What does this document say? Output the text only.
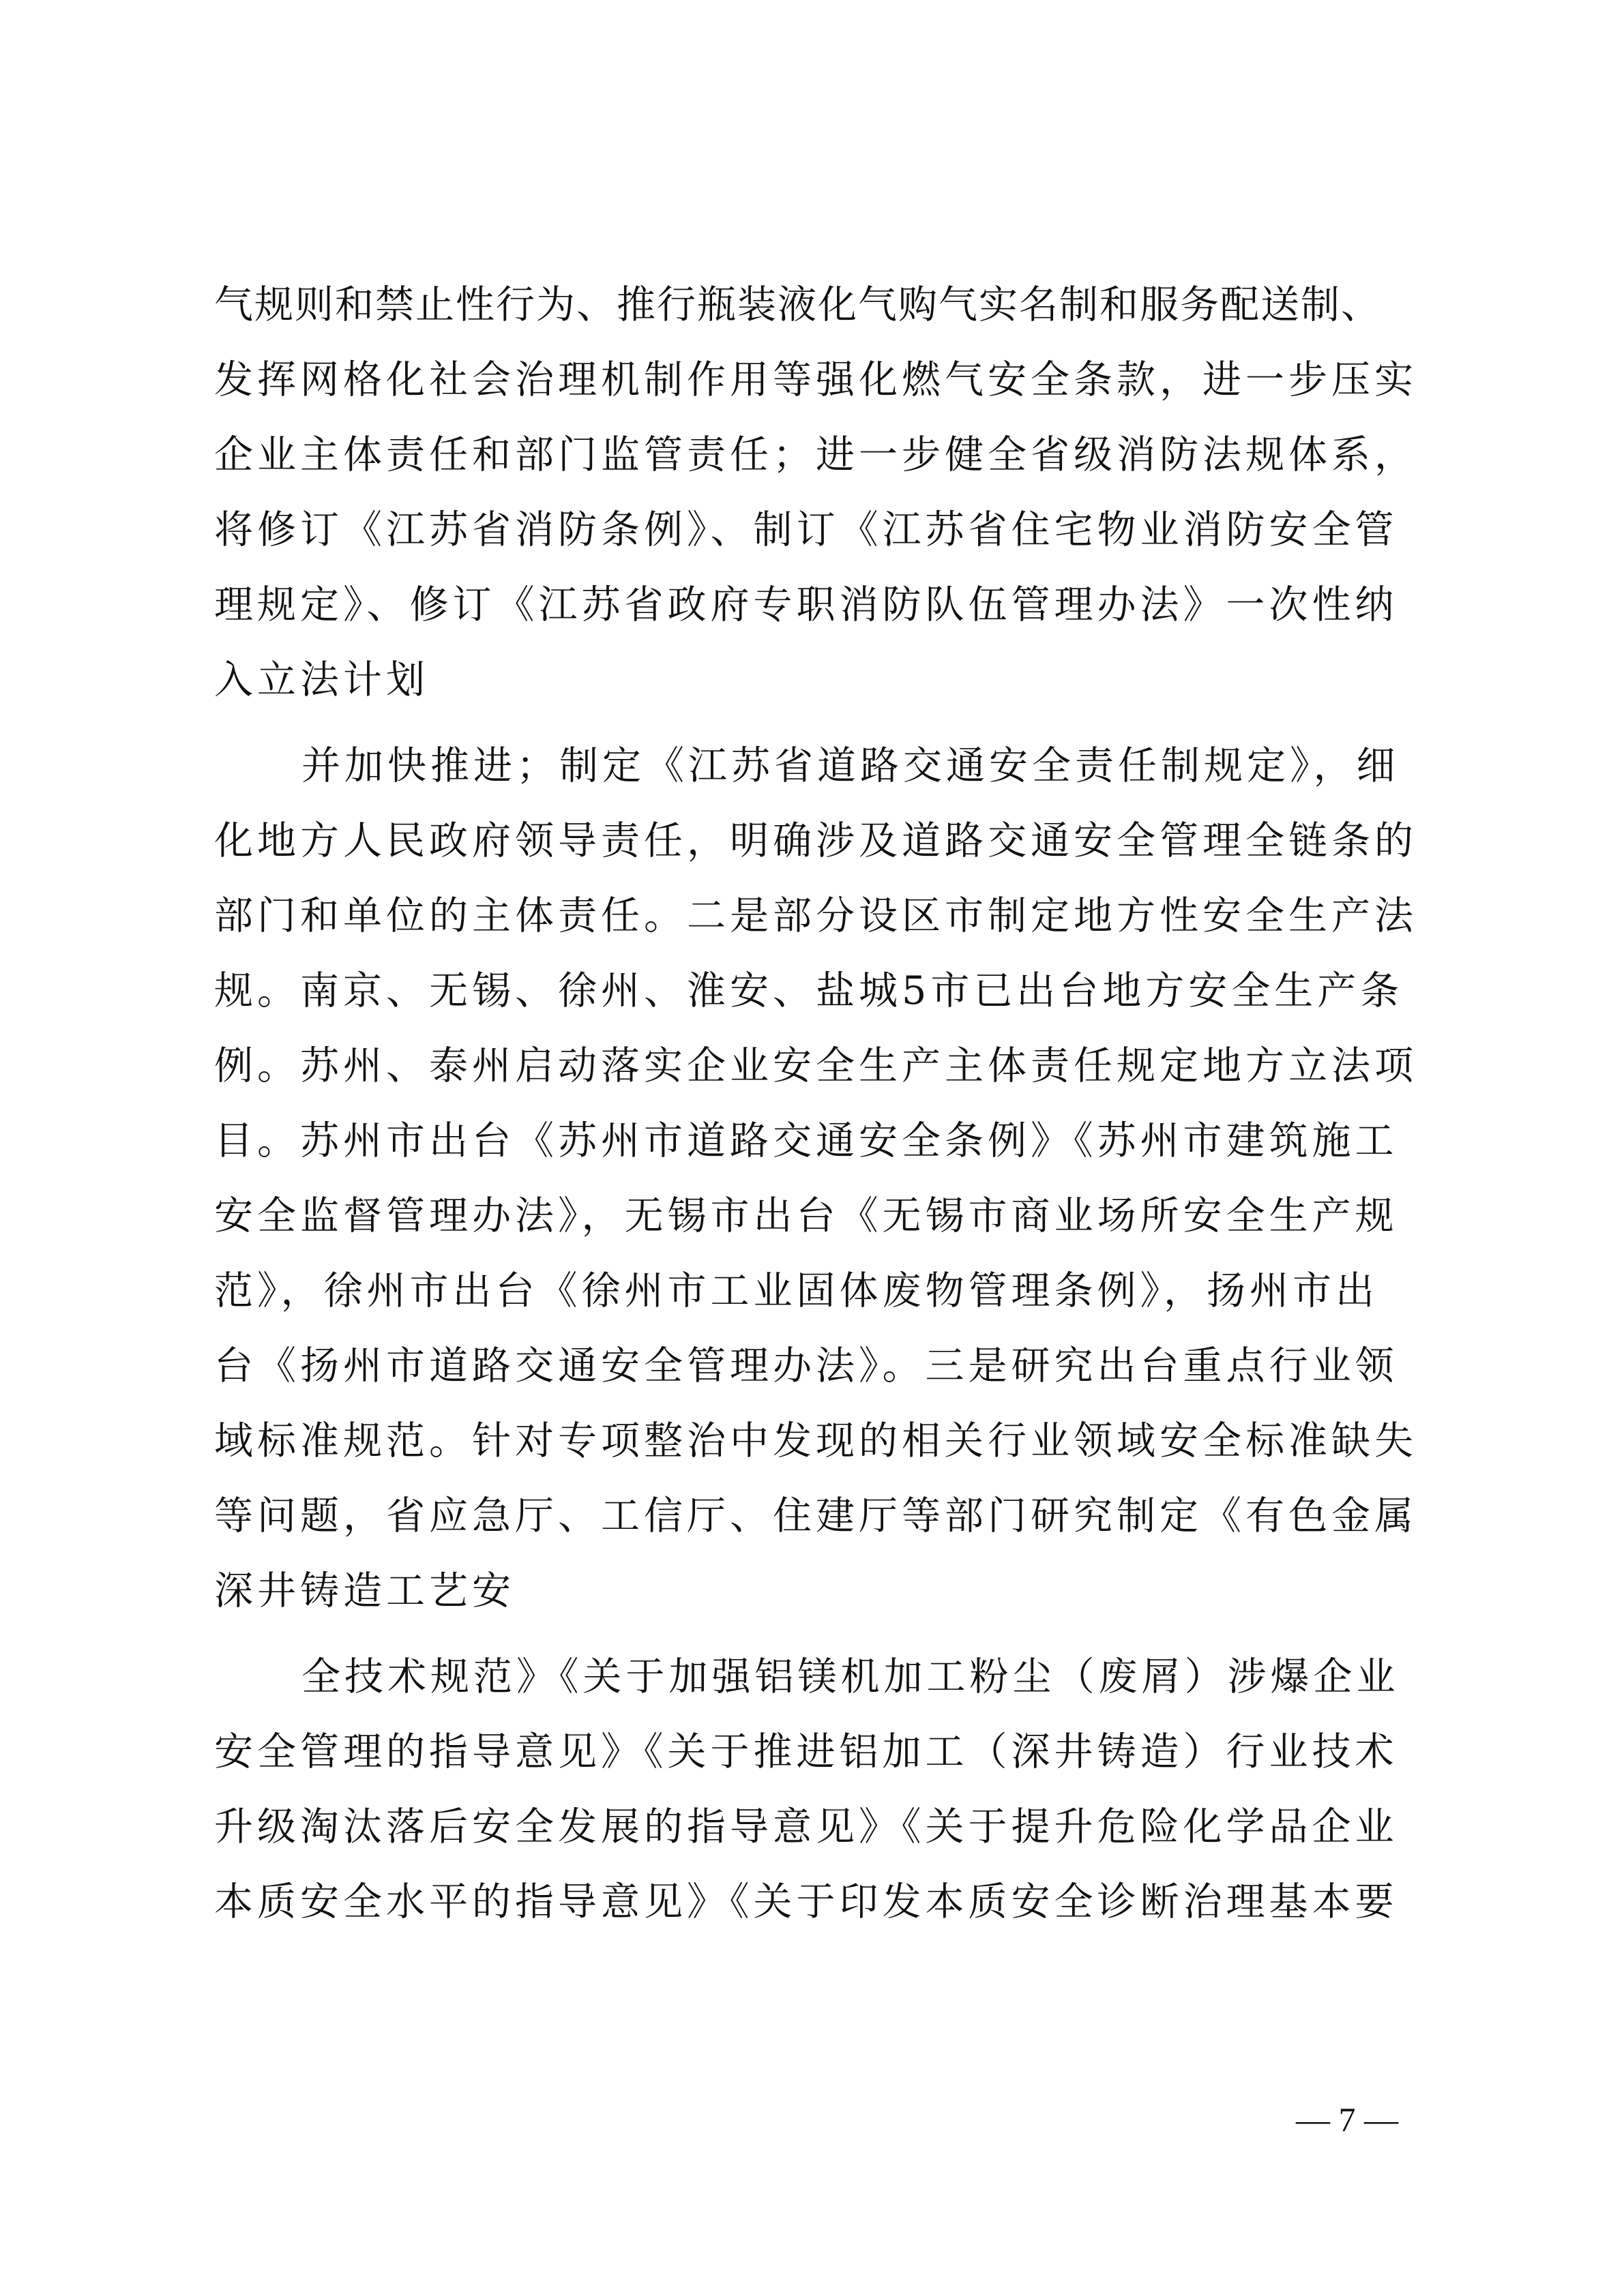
气规则和禁止性行为、推行瓶装液化气购气实名制和服务配送制、
发挥网格化社会治理机制作用等强化燃气安全条款，进一步压实
企业主体责任和部门监管责任；进一步健全省级消防法规体系，
将修订《江苏省消防条例》、制订《江苏省住宅物业消防安全管
理规定》、修订《江苏省政府专职消防队伍管理办法》一次性纳
入立法计划
并加快推进；制定《江苏省道路交通安全责任制规定》，细
化地方人民政府领导责任，明确涉及道路交通安全管理全链条的
部门和单位的主体责任。二是部分设区市制定地方性安全生产法
规。南京、无锡、徐州、淮安、盐城5市已出台地方安全生产条
例。苏州、泰州启动落实企业安全生产主体责任规定地方立法项
目。苏州市出台《苏州市道路交通安全条例》《苏州市建筑施工
安全监督管理办法》，无锡市出台《无锡市商业场所安全生产规
范》，徐州市出台《徐州市工业固体废物管理条例》，扬州市出
台《扬州市道路交通安全管理办法》。三是研究出台重点行业领
域标准规范。针对专项整治中发现的相关行业领域安全标准缺失
等问题，省应急厅、工信厅、住建厅等部门研究制定《有色金属
深井铸造工艺安
全技术规范》《关于加强铝镁机加工粉尘（废屑）涉爆企业
安全管理的指导意见》《关于推进铝加工（深井铸造）行业技术
升级淘汰落后安全发展的指导意见》《关于提升危险化学品企业
本质安全水平的指导意见》《关于印发本质安全诊断治理基本要
— 7 —
